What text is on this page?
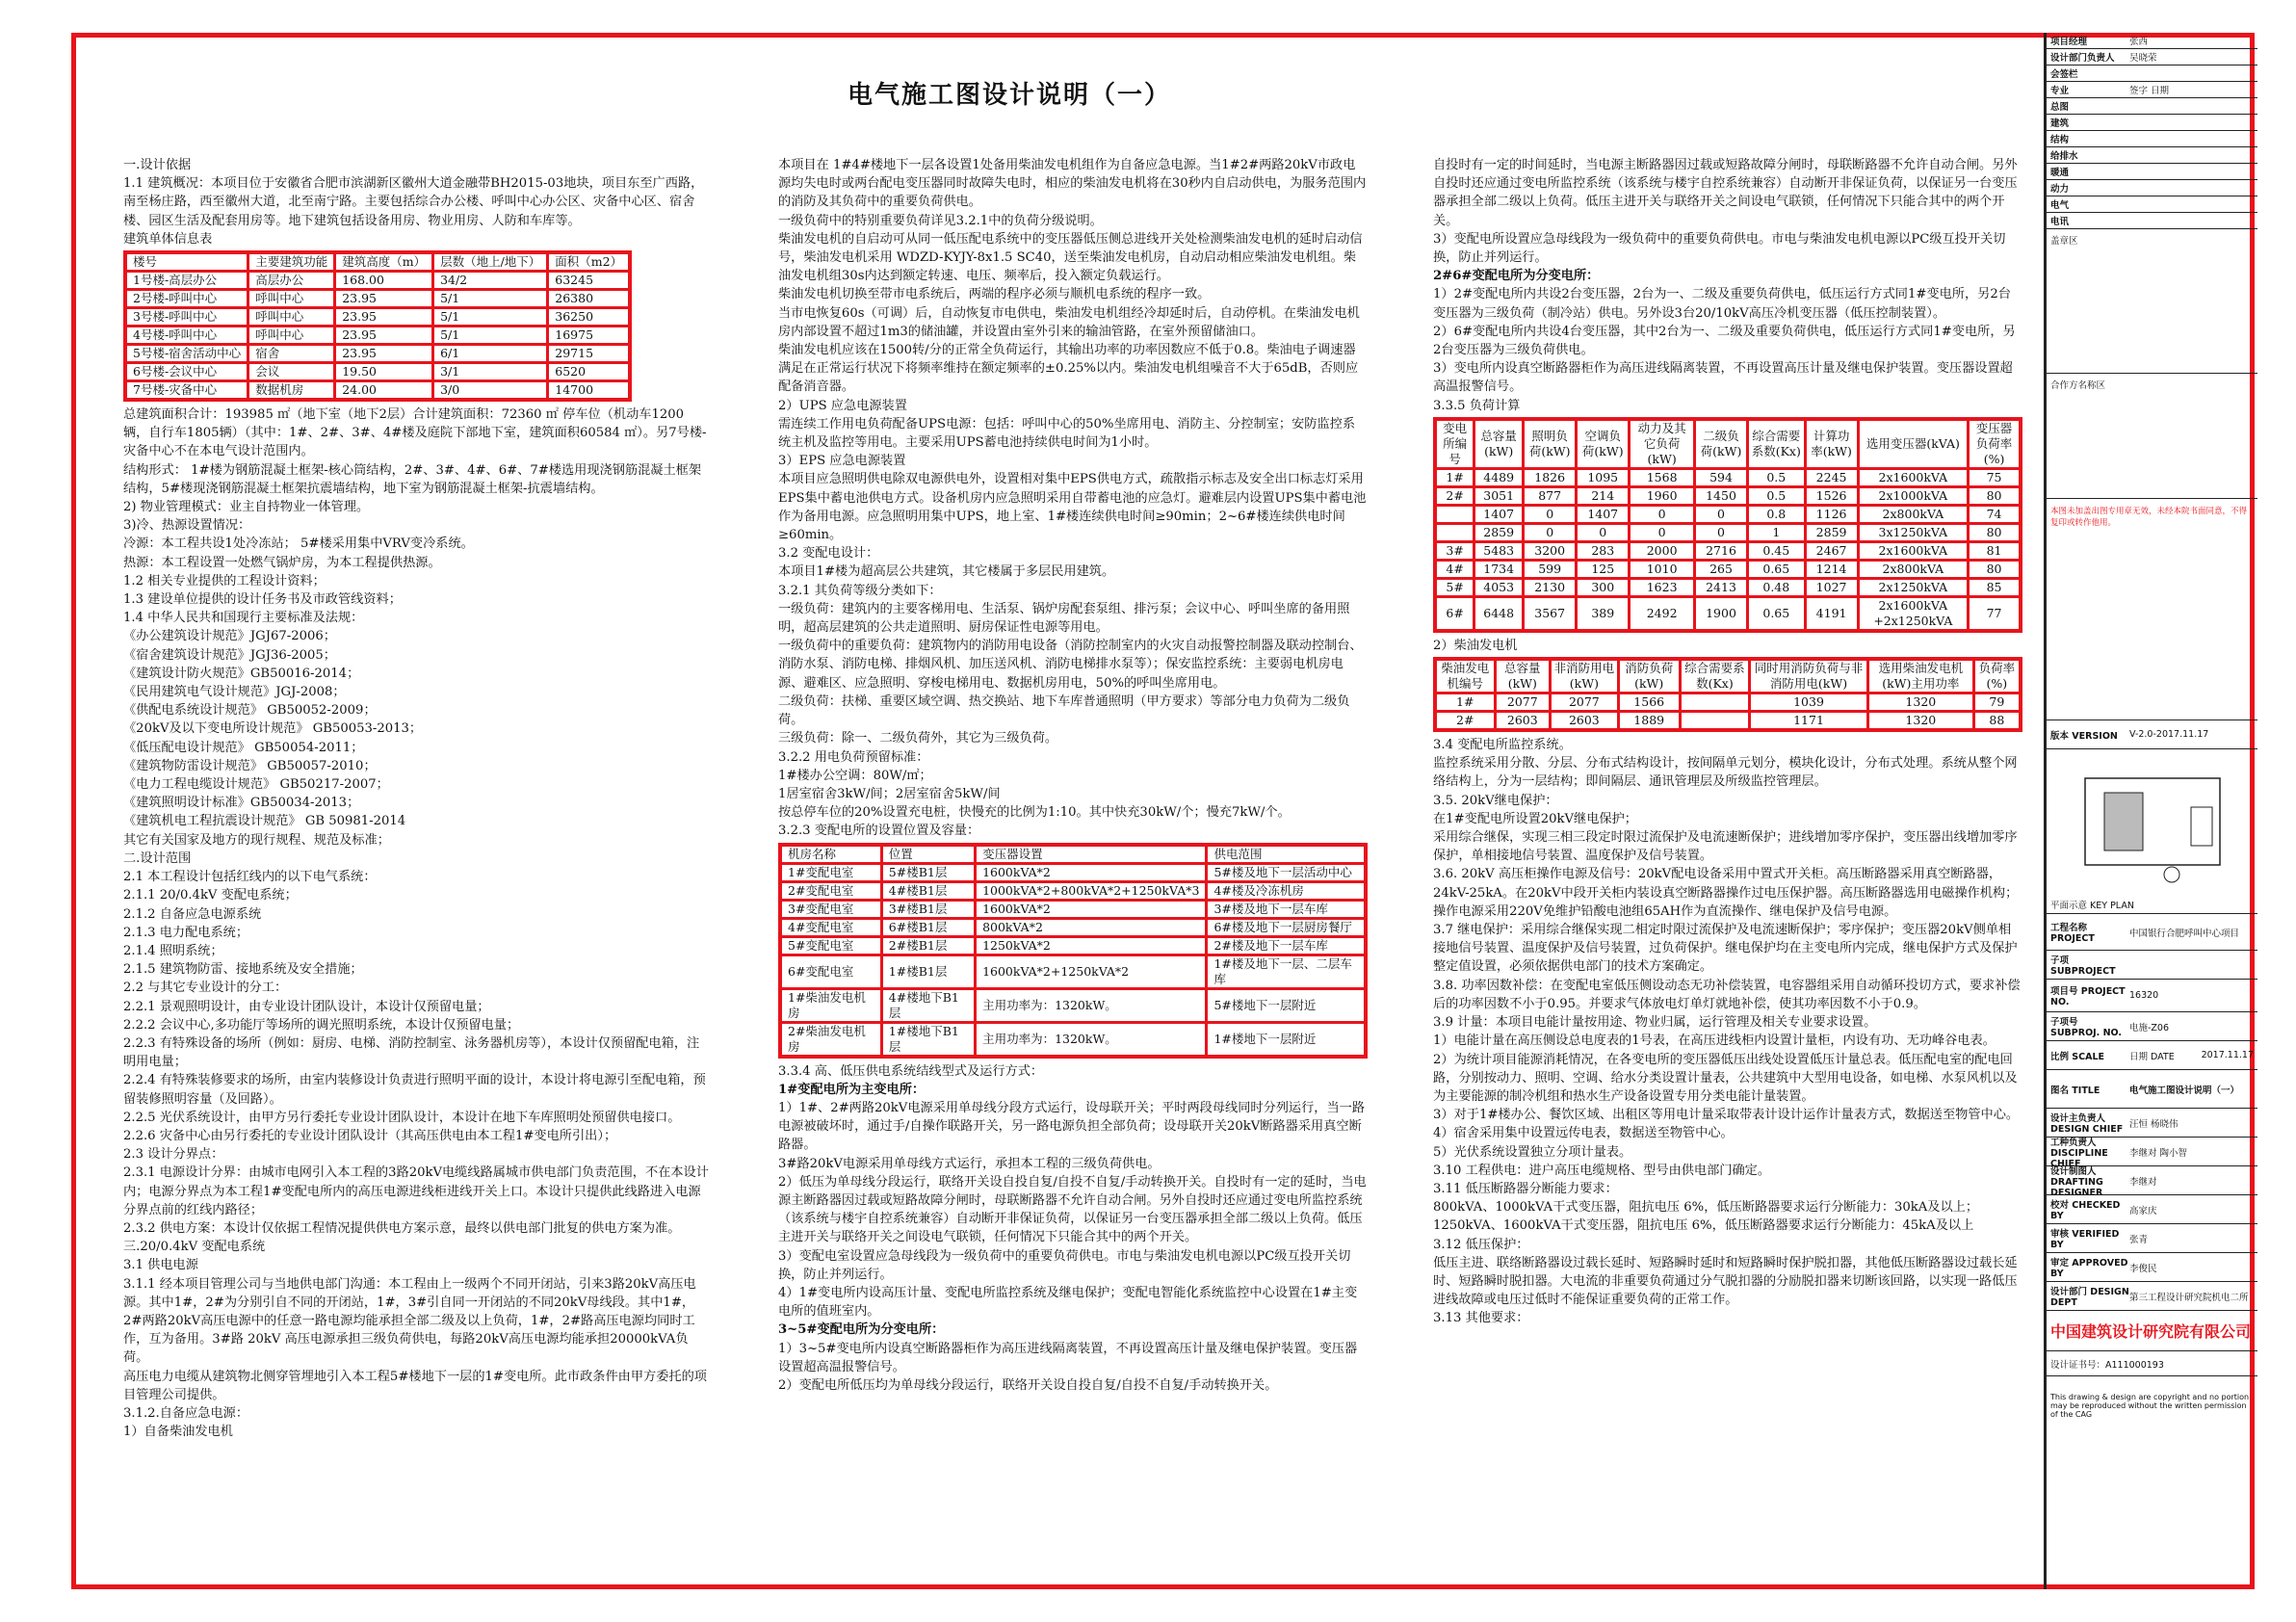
电气施工图设计说明（一）

一.设计依据

1.1 建筑概况：本项目位于安徽省合肥市滨湖新区徽州大道金融带BH2015-03地块，项目东至广西路，南至杨庄路，西至徽州大道，北至南宁路。主要包括综合办公楼、呼叫中心办公区、灾备中心区、宿舍楼、园区生活及配套用房等。地下建筑包括设备用房、物业用房、人防和车库等。

建筑单体信息表

楼号	主要建筑功能	建筑高度（m）	层数（地上/地下）	面积（m2）
1号楼-高层办公	高层办公	168.00	34/2	63245
2号楼-呼叫中心	呼叫中心	23.95	5/1	26380
3号楼-呼叫中心	呼叫中心	23.95	5/1	36250
4号楼-呼叫中心	呼叫中心	23.95	5/1	16975
5号楼-宿舍活动中心	宿舍	23.95	6/1	29715
6号楼-会议中心	会议	19.50	3/1	6520
7号楼-灾备中心	数据机房	24.00	3/0	14700

总建筑面积合计：193985 ㎡（地下室（地下2层）合计建筑面积：72360 ㎡ 停车位（机动车1200辆，自行车1805辆）（其中：1#、2#、3#、4#楼及庭院下部地下室，建筑面积60584 ㎡）。另7号楼-灾备中心不在本电气设计范围内。

结构形式： 1#楼为钢筋混凝土框架-核心筒结构，2#、3#、4#、6#、7#楼选用现浇钢筋混凝土框架结构，5#楼现浇钢筋混凝土框架抗震墙结构，地下室为钢筋混凝土框架-抗震墙结构。

2) 物业管理模式：业主自持物业一体管理。

3)冷、热源设置情况：

冷源：本工程共设1处冷冻站； 5#楼采用集中VRV变冷系统。

热源：本工程设置一处燃气锅炉房，为本工程提供热源。

1.2 相关专业提供的工程设计资料；

1.3 建设单位提供的设计任务书及市政管线资料；

1.4 中华人民共和国现行主要标准及法规：

《办公建筑设计规范》JGJ67-2006；

《宿舍建筑设计规范》JGJ36-2005；

《建筑设计防火规范》GB50016-2014；

《民用建筑电气设计规范》JGJ-2008；

《供配电系统设计规范》 GB50052-2009；

《20kV及以下变电所设计规范》 GB50053-2013；

《低压配电设计规范》 GB50054-2011；

《建筑物防雷设计规范》 GB50057-2010；

《电力工程电缆设计规范》 GB50217-2007；

《建筑照明设计标准》GB50034-2013；

《建筑机电工程抗震设计规范》 GB 50981-2014

其它有关国家及地方的现行规程、规范及标准；

二.设计范围

2.1 本工程设计包括红线内的以下电气系统：

2.1.1 20/0.4kV 变配电系统；

2.1.2 自备应急电源系统

2.1.3 电力配电系统；

2.1.4 照明系统；

2.1.5 建筑物防雷、接地系统及安全措施；

2.2 与其它专业设计的分工：

2.2.1 景观照明设计，由专业设计团队设计，本设计仅预留电量；

2.2.2 会议中心,多功能厅等场所的调光照明系统，本设计仅预留电量；

2.2.3 有特殊设备的场所（例如：厨房、电梯、消防控制室、泳务器机房等），本设计仅预留配电箱，注明用电量；

2.2.4 有特殊装修要求的场所，由室内装修设计负责进行照明平面的设计，本设计将电源引至配电箱，预留装修照明容量（及回路）。

2.2.5 光伏系统设计，由甲方另行委托专业设计团队设计，本设计在地下车库照明处预留供电接口。

2.2.6 灾备中心由另行委托的专业设计团队设计（其高压供电由本工程1#变电所引出）；

2.3 设计分界点：

2.3.1 电源设计分界：由城市电网引入本工程的3路20kV电缆线路属城市供电部门负责范围，不在本设计内；电源分界点为本工程1#变配电所内的高压电源进线柜进线开关上口。本设计只提供此线路进入电源分界点前的红线内路径；

2.3.2 供电方案：本设计仅依据工程情况提供供电方案示意，最终以供电部门批复的供电方案为准。

三.20/0.4kV 变配电系统

3.1 供电电源

3.1.1 经本项目管理公司与当地供电部门沟通：本工程由上一级两个不同开闭站，引来3路20kV高压电源。其中1#，2#为分别引自不同的开闭站，1#，3#引自同一开闭站的不同20kV母线段。其中1#，2#两路20kV高压电源中的任意一路电源均能承担全部二级及以上负荷，1#，2#路高压电源均同时工作，互为备用。3#路 20kV 高压电源承担三级负荷供电，每路20kV高压电源均能承担20000kVA负荷。

高压电力电缆从建筑物北侧穿管埋地引入本工程5#楼地下一层的1#变电所。此市政条件由甲方委托的项目管理公司提供。

3.1.2.自备应急电源：

1）自备柴油发电机

本项目在 1#4#楼地下一层各设置1处备用柴油发电机组作为自备应急电源。当1#2#两路20kV市政电源均失电时或两台配电变压器同时故障失电时，相应的柴油发电机将在30秒内自启动供电，为服务范围内的消防及其负荷中的重要负荷供电。

一级负荷中的特别重要负荷详见3.2.1中的负荷分级说明。

柴油发电机的自启动可从同一低压配电系统中的变压器低压侧总进线开关处检测柴油发电机的延时启动信号，柴油发电机采用 WDZD-KYJY-8x1.5 SC40，送至柴油发电机房，自动启动相应柴油发电机组。柴油发电机组30s内达到额定转速、电压、频率后，投入额定负载运行。

柴油发电机切换至带市电系统后，两端的程序必须与顺机电系统的程序一致。

当市电恢复60s（可调）后，自动恢复市电供电，柴油发电机组经冷却延时后，自动停机。在柴油发电机房内部设置不超过1m3的储油罐，并设置由室外引来的输油管路，在室外预留储油口。

柴油发电机应该在1500转/分的正常全负荷运行，其输出功率的功率因数应不低于0.8。柴油电子调速器满足在正常运行状况下将频率维持在额定频率的±0.25%以内。柴油发电机组噪音不大于65dB，否则应配备消音器。

2）UPS 应急电源装置

需连续工作用电负荷配备UPS电源：包括：呼叫中心的50%坐席用电、消防主、分控制室；安防监控系统主机及监控等用电。主要采用UPS蓄电池持续供电时间为1小时。

3）EPS 应急电源装置

本项目应急照明供电除双电源供电外，设置相对集中EPS供电方式，疏散指示标志及安全出口标志灯采用EPS集中蓄电池供电方式。设备机房内应急照明采用自带蓄电池的应急灯。避难层内设置UPS集中蓄电池作为备用电源。应急照明用集中UPS，地上室、1#楼连续供电时间≥90min；2~6#楼连续供电时间≥60min。

3.2 变配电设计：

本项目1#楼为超高层公共建筑，其它楼属于多层民用建筑。

3.2.1 其负荷等级分类如下：

一级负荷：建筑内的主要客梯用电、生活泵、锅炉房配套泵组、排污泵；会议中心、呼叫坐席的备用照明，超高层建筑的公共走道照明、厨房保证性电源等用电。

一级负荷中的重要负荷：建筑物内的消防用电设备（消防控制室内的火灾自动报警控制器及联动控制台、消防水泵、消防电梯、排烟风机、加压送风机、消防电梯排水泵等）；保安监控系统：主要弱电机房电源、避难区、应急照明、穿梭电梯用电、数据机房用电，50%的呼叫坐席用电。

二级负荷：扶梯、重要区域空调、热交换站、地下车库普通照明（甲方要求）等部分电力负荷为二级负荷。

三级负荷：除一、二级负荷外，其它为三级负荷。

3.2.2 用电负荷预留标准：

1#楼办公空调：80W/㎡；

1居室宿舍3kW/间；2居室宿舍5kW/间

按总停车位的20%设置充电桩，快慢充的比例为1:10。其中快充30kW/个；慢充7kW/个。

3.2.3 变配电所的设置位置及容量：

机房名称	位置	变压器设置	供电范围
1#变配电室	5#楼B1层	1600kVA*2	5#楼及地下一层活动中心
2#变配电室	4#楼B1层	1000kVA*2+800kVA*2+1250kVA*3	4#楼及冷冻机房
3#变配电室	3#楼B1层	1600kVA*2	3#楼及地下一层车库
4#变配电室	6#楼B1层	800kVA*2	6#楼及地下一层厨房餐厅
5#变配电室	2#楼B1层	1250kVA*2	2#楼及地下一层车库
6#变配电室	1#楼B1层	1600kVA*2+1250kVA*2	1#楼及地下一层、二层车库
1#柴油发电机房	4#楼地下B1层	主用功率为：1320kW。	5#楼地下一层附近
2#柴油发电机房	1#楼地下B1层	主用功率为：1320kW。	1#楼地下一层附近

3.3.4 高、低压供电系统结线型式及运行方式：

1#变配电所为主变电所：

1）1#、2#两路20kV电源采用单母线分段方式运行，设母联开关；平时两段母线同时分列运行，当一路电源被破坏时，通过手/自操作联路开关，另一路电源负担全部负荷；设母联开关20kV断路器采用真空断路器。

3#路20kV电源采用单母线方式运行，承担本工程的三级负荷供电。

2）低压为单母线分段运行，联络开关设自投自复/自投不自复/手动转换开关。自投时有一定的延时，当电源主断路器因过载或短路故障分闸时，母联断路器不允许自动合闸。另外自投时还应通过变电所监控系统（该系统与楼宇自控系统兼容）自动断开非保证负荷，以保证另一台变压器承担全部二级以上负荷。低压主进开关与联络开关之间设电气联锁，任何情况下只能合其中的两个开关。

3）变配电室设置应急母线段为一级负荷中的重要负荷供电。市电与柴油发电机电源以PC级互投开关切换，防止并列运行。

4）1#变电所内设高压计量、变配电所监控系统及继电保护；变配电智能化系统监控中心设置在1#主变电所的值班室内。

3~5#变配电所为分变电所：

1）3~5#变电所内设真空断路器柜作为高压进线隔离装置，不再设置高压计量及继电保护装置。变压器设置超高温报警信号。

2）变配电所低压均为单母线分段运行，联络开关设自投自复/自投不自复/手动转换开关。

自投时有一定的时间延时，当电源主断路器因过载或短路故障分闸时，母联断路器不允许自动合闸。另外自投时还应通过变电所监控系统（该系统与楼宇自控系统兼容）自动断开非保证负荷，以保证另一台变压器承担全部二级以上负荷。低压主进开关与联络开关之间设电气联锁，任何情况下只能合其中的两个开关。

3）变配电所设置应急母线段为一级负荷中的重要负荷供电。市电与柴油发电机电源以PC级互投开关切换，防止并列运行。

2#6#变配电所为分变电所：

1）2#变配电所内共设2台变压器，2台为一、二级及重要负荷供电，低压运行方式同1#变电所，另2台变压器为三级负荷（制冷站）供电。另外设3台20/10kV高压冷机变压器（低压控制装置）。

2）6#变配电所内共设4台变压器，其中2台为一、二级及重要负荷供电，低压运行方式同1#变电所，另2台变压器为三级负荷供电。

3）变电所内设真空断路器柜作为高压进线隔离装置，不再设置高压计量及继电保护装置。变压器设置超高温报警信号。

3.3.5 负荷计算

变电所编号	总容量(kW)	照明负荷(kW)	空调负荷(kW)	动力及其它负荷(kW)	二级负荷(kW)	综合需要系数(Kx)	计算功率(kW)	选用变压器(kVA)	变压器负荷率(%)
1#	4489	1826	1095	1568	594	0.5	2245	2x1600kVA	75
2#	3051	877	214	1960	1450	0.5	1526	2x1000kVA	80
	1407	0	1407	0	0	0.8	1126	2x800kVA	74
	2859	0	0	0	0	1	2859	3x1250kVA	80
3#	5483	3200	283	2000	2716	0.45	2467	2x1600kVA	81
4#	1734	599	125	1010	265	0.65	1214	2x800kVA	80
5#	4053	2130	300	1623	2413	0.48	1027	2x1250kVA	85
6#	6448	3567	389	2492	1900	0.65	4191	2x1600kVA +2x1250kVA	77

2）柴油发电机

柴油发电机编号	总容量(kW)	非消防用电(kW)	消防负荷(kW)	综合需要系数(Kx)	同时用消防负荷与非消防用电(kW)	选用柴油发电机(kW)主用功率	负荷率(%)
1#	2077	2077	1566		1039	1320	79
2#	2603	2603	1889		1171	1320	88

3.4 变配电所监控系统。

监控系统采用分散、分层、分布式结构设计，按间隔单元划分，模块化设计，分布式处理。系统从整个网络结构上，分为一层结构；即间隔层、通讯管理层及所级监控管理层。

3.5. 20kV继电保护：

在1#变配电所设置20kV继电保护；

采用综合继保，实现三相三段定时限过流保护及电流速断保护；进线增加零序保护，变压器出线增加零序保护，单相接地信号装置、温度保护及信号装置。

3.6. 20kV 高压柜操作电源及信号：20kV配电设备采用中置式开关柜。高压断路器采用真空断路器，24kV-25kA。在20kV中段开关柜内装设真空断路器操作过电压保护器。高压断路器选用电磁操作机构；操作电源采用220V免维护铅酸电池组65AH作为直流操作、继电保护及信号电源。

3.7 继电保护：采用综合继保实现二相定时限过流保护及电流速断保护；零序保护；变压器20kV侧单相接地信号装置、温度保护及信号装置，过负荷保护。继电保护均在主变电所内完成，继电保护方式及保护整定值设置，必须依据供电部门的技术方案确定。

3.8. 功率因数补偿：在变配电室低压侧设动态无功补偿装置，电容器组采用自动循环投切方式，要求补偿后的功率因数不小于0.95。并要求气体放电灯单灯就地补偿，使其功率因数不小于0.9。

3.9 计量：本项目电能计量按用途、物业归属，运行管理及相关专业要求设置。

1）电能计量在高压侧设总电度表的1号表，在高压进线柜内设置计量柜，内设有功、无功峰谷电表。

2）为统计项目能源消耗情况，在各变电所的变压器低压出线处设置低压计量总表。低压配电室的配电回路，分别按动力、照明、空调、给水分类设置计量表，公共建筑中大型用电设备，如电梯、水泵风机以及为主要能源的制冷机组和热水生产设备设置专用分类电能计量装置。

3）对于1#楼办公、餐饮区域、出租区等用电计量采取带表计设计运作计量表方式，数据送至物管中心。

4）宿舍采用集中设置远传电表，数据送至物管中心。

5）光伏系统设置独立分项计量表。

3.10 工程供电：进户高压电缆规格、型号由供电部门确定。

3.11 低压断路器分断能力要求：

800kVA、1000kVA干式变压器，阻抗电压 6%，低压断路器要求运行分断能力：30kA及以上；

1250kVA、1600kVA干式变压器，阻抗电压 6%，低压断路器要求运行分断能力：45kA及以上

3.12 低压保护：

低压主进、联络断路器设过载长延时、短路瞬时延时和短路瞬时保护脱扣器，其他低压断路器设过载长延时、短路瞬时脱扣器。大电流的非重要负荷通过分气脱扣器的分励脱扣器来切断该回路，以实现一路低压进线故障或电压过低时不能保证重要负荷的正常工作。

3.13 其他要求：

项目经理	张西
设计部门负责人	吴晓荣
会签栏
专业	签字 日期
总图
建筑
结构
给排水
暖通
动力
电气
电讯
盖章区
合作方名称区
本图未加盖出图专用章无效，未经本院书面同意，不得复印或转作他用。
版本 VERSION	V-2.0-2017.11.17
平面示意 KEY PLAN
工程名称 PROJECT	中国银行合肥呼叫中心项目
子项 SUBPROJECT
项目号 PROJECT NO.
16320
子项号 SUBPROJ. NO. 电施-Z06
比例 SCALE	日期 DATE	2017.11.17
图名 TITLE	电气施工图设计说明（一）
设计主负责人 DESIGN CHIEF 汪恒 杨晓伟
工种负责人 DISCIPLINE CHIEF
李继对 陶小智
设计制图人 DRAFTING DESIGNER
李继对
校对 CHECKED BY	高家庆
审核 VERIFIED BY	张青
审定 APPROVED BY	李俊民
设计部门 DESIGN DEPT	第三工程设计研究院机电二所
中国建筑设计研究院有限公司
设计证书号：A111000193
This drawing & design are copyright and no portion may be reproduced without the written permission of the CAG
